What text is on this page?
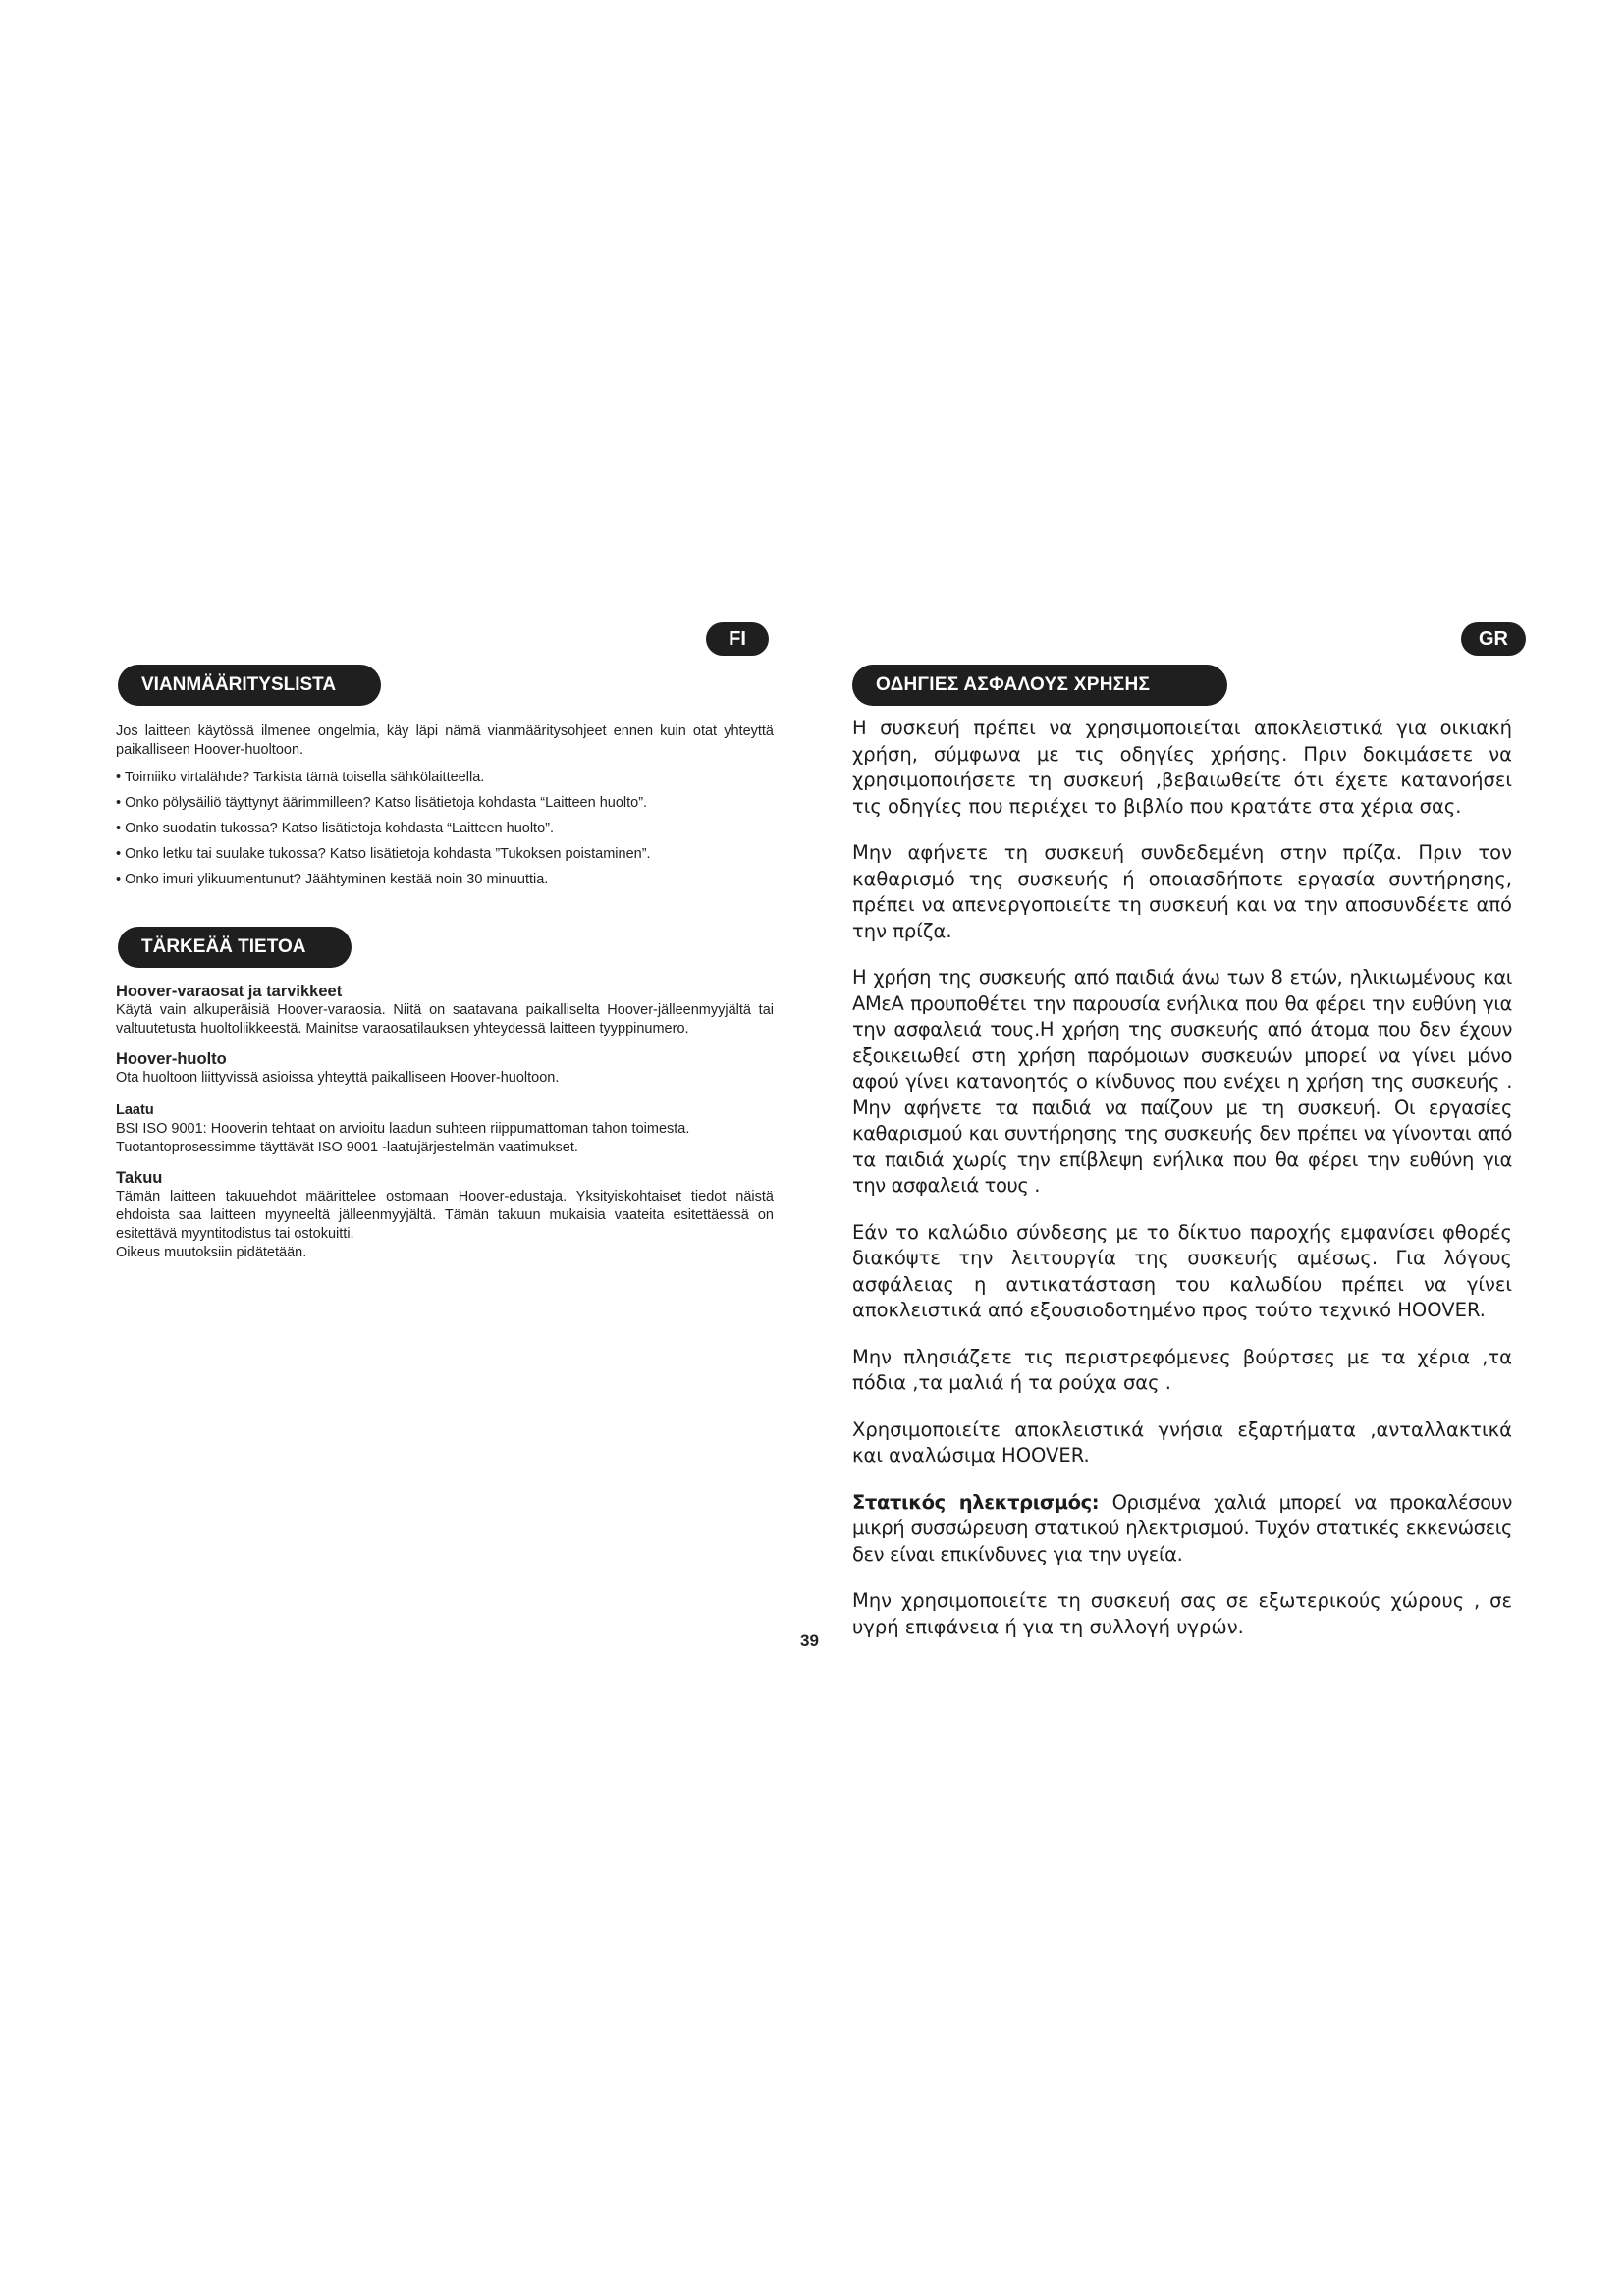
FI	GR
VIANMÄÄRITYSLISTA
TÄRKEÄÄ TIETOA

Jos laitteen käytössä ilmenee ongelmia, käy läpi nämä vianmääritysohjeet ennen kuin otat yhteyttä paikalliseen Hoover-huoltoon.

• Toimiiko virtalähde? Tarkista tämä toisella sähkölaitteella.
• Onko pölysäiliö täyttynyt äärimmilleen? Katso lisätietoja kohdasta “Laitteen huolto”.
• Onko suodatin tukossa? Katso lisätietoja kohdasta “Laitteen huolto”.
• Onko letku tai suulake tukossa? Katso lisätietoja kohdasta ”Tukoksen poistaminen”.
• Onko imuri ylikuumentunut? Jäähtyminen kestää noin 30 minuuttia.

Hoover-varaosat ja tarvikkeet

Käytä vain alkuperäisiä Hoover-varaosia. Niitä on saatavana paikalliselta Hoover-jälleenmyyjältä tai valtuutetusta huoltoliikkeestä. Mainitse varaosatilauksen yhteydessä laitteen tyyppinumero.

Hoover-huolto

Ota huoltoon liittyvissä asioissa yhteyttä paikalliseen Hoover-huoltoon.

Laatu

BSI ISO 9001: Hooverin tehtaat on arvioitu laadun suhteen riippumattoman tahon toimesta. Tuotantoprosessimme täyttävät ISO 9001 -laatujärjestelmän vaatimukset.

Takuu

Tämän laitteen takuuehdot määrittelee ostomaan Hoover-edustaja. Yksityiskohtaiset tiedot näistä ehdoista saa laitteen myyneeltä jälleenmyyjältä. Tämän takuun mukaisia vaateita esitettäessä on esitettävä myyntitodistus tai ostokuitti.

Oikeus muutoksiin pidätetään.

ΟΔΗΓΙΕΣ ΑΣΦΑΛΟΥΣ ΧΡΗΣΗΣ

Η συσκευή πρέπει να χρησιμοποιείται αποκλειστικά για οικιακή χρήση, σύμφωνα με τις οδηγίες χρήσης. Πριν δοκιμάσετε να χρησιμοποιήσετε τη συσκευή ,βεβαιωθείτε ότι έχετε κατανοήσει τις οδηγίες που περιέχει το βιβλίο που κρατάτε στα χέρια σας.

Μην αφήνετε τη συσκευή συνδεδεμένη στην πρίζα. Πριν τον καθαρισμό της συσκευής ή οποιασδήποτε εργασία συντήρησης, πρέπει να απενεργοποιείτε τη συσκευή και να την αποσυνδέετε από την πρίζα.

Η χρήση της συσκευής από παιδιά άνω των 8 ετών, ηλικιωμένους και ΑΜεΑ προυποθέτει την παρουσία ενήλικα που θα φέρει την ευθύνη για την ασφαλειά τους.Η χρήση της συσκευής από άτομα που δεν έχουν εξοικειωθεί στη χρήση παρόμοιων συσκευών μπορεί να γίνει μόνο αφού γίνει κατανοητός ο κίνδυνος που ενέχει η χρήση της συσκευής . Μην αφήνετε τα παιδιά να παίζουν με τη συσκευή. Οι εργασίες καθαρισμού και συντήρησης της συσκευής δεν πρέπει να γίνονται από τα παιδιά χωρίς την επίβλεψη ενήλικα που θα φέρει την ευθύνη για την ασφαλειά τους .

Εάν το καλώδιο σύνδεσης με το δίκτυο παροχής εμφανίσει φθορές διακόψτε την λειτουργία της συσκευής αμέσως. Για λόγους ασφάλειας η αντικατάσταση του καλωδίου πρέπει να γίνει αποκλειστικά από εξουσιοδοτημένο προς τούτο τεχνικό HOOVER.

Μην πλησιάζετε τις περιστρεφόμενες βούρτσες με τα χέρια ,τα πόδια ,τα μαλιά ή τα ρούχα σας .

Χρησιμοποιείτε αποκλειστικά γνήσια εξαρτήματα ,ανταλλακτικά και αναλώσιμα HOOVER.

Στατικός ηλεκτρισμός: Ορισμένα χαλιά μπορεί να προκαλέσουν μικρή συσσώρευση στατικού ηλεκτρισμού. Τυχόν στατικές εκκενώσεις δεν είναι επικίνδυνες για την υγεία.

Μην χρησιμοποιείτε τη συσκευή σας σε εξωτερικούς χώρους , σε υγρή επιφάνεια ή για τη συλλογή υγρών.

39
